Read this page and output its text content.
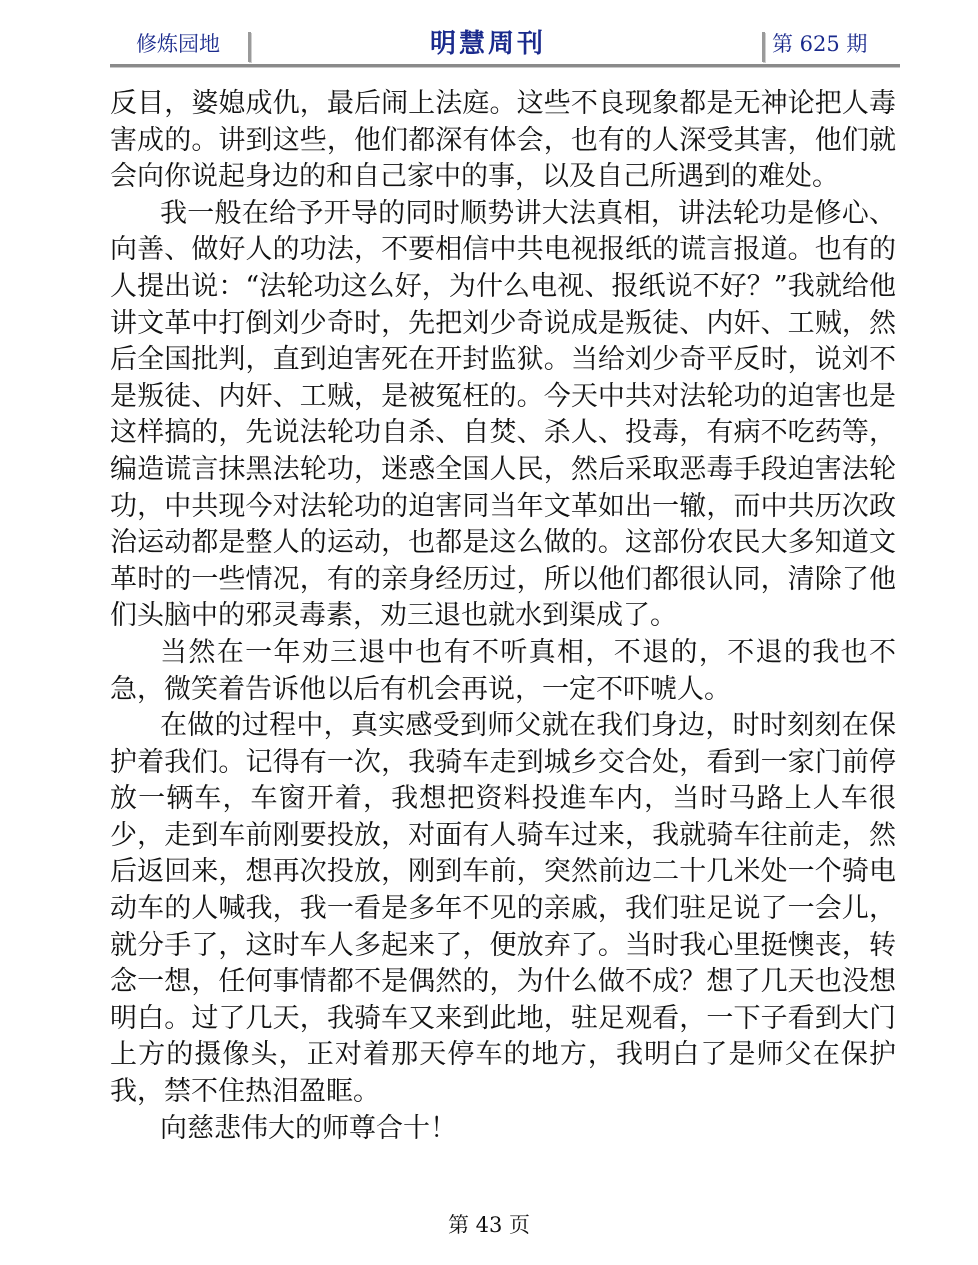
修炼园地	明慧周刊	第 625 期

反目，婆媳成仇，最后闹上法庭。这些不良现象都是无神论把人毒害成的。讲到这些，他们都深有体会，也有的人深受其害，他们就会向你说起身边的和自己家中的事，以及自己所遇到的难处。

我一般在给予开导的同时顺势讲大法真相，讲法轮功是修心、向善、做好人的功法，不要相信中共电视报纸的谎言报道。也有的人提出说：“法轮功这么好，为什么电视、报纸说不好？”我就给他讲文革中打倒刘少奇时，先把刘少奇说成是叛徒、内奸、工贼，然后全国批判，直到迫害死在开封监狱。当给刘少奇平反时，说刘不是叛徒、内奸、工贼，是被冤枉的。今天中共对法轮功的迫害也是这样搞的，先说法轮功自杀、自焚、杀人、投毒，有病不吃药等，编造谎言抹黑法轮功，迷惑全国人民，然后采取恶毒手段迫害法轮功，中共现今对法轮功的迫害同当年文革如出一辙，而中共历次政治运动都是整人的运动，也都是这么做的。这部份农民大多知道文革时的一些情况，有的亲身经历过，所以他们都很认同，清除了他们头脑中的邪灵毒素，劝三退也就水到渠成了。

当然在一年劝三退中也有不听真相，不退的，不退的我也不急，微笑着告诉他以后有机会再说，一定不吓唬人。

在做的过程中，真实感受到师父就在我们身边，时时刻刻在保护着我们。记得有一次，我骑车走到城乡交合处，看到一家门前停放一辆车，车窗开着，我想把资料投進车内，当时马路上人车很少，走到车前刚要投放，对面有人骑车过来，我就骑车往前走，然后返回来，想再次投放，刚到车前，突然前边二十几米处一个骑电动车的人喊我，我一看是多年不见的亲戚，我们驻足说了一会儿，就分手了，这时车人多起来了，便放弃了。当时我心里挺懊丧，转念一想，任何事情都不是偶然的，为什么做不成？想了几天也没想明白。过了几天，我骑车又来到此地，驻足观看，一下子看到大门上方的摄像头，正对着那天停车的地方，我明白了是师父在保护我，禁不住热泪盈眶。

向慈悲伟大的师尊合十！

第 43 页
